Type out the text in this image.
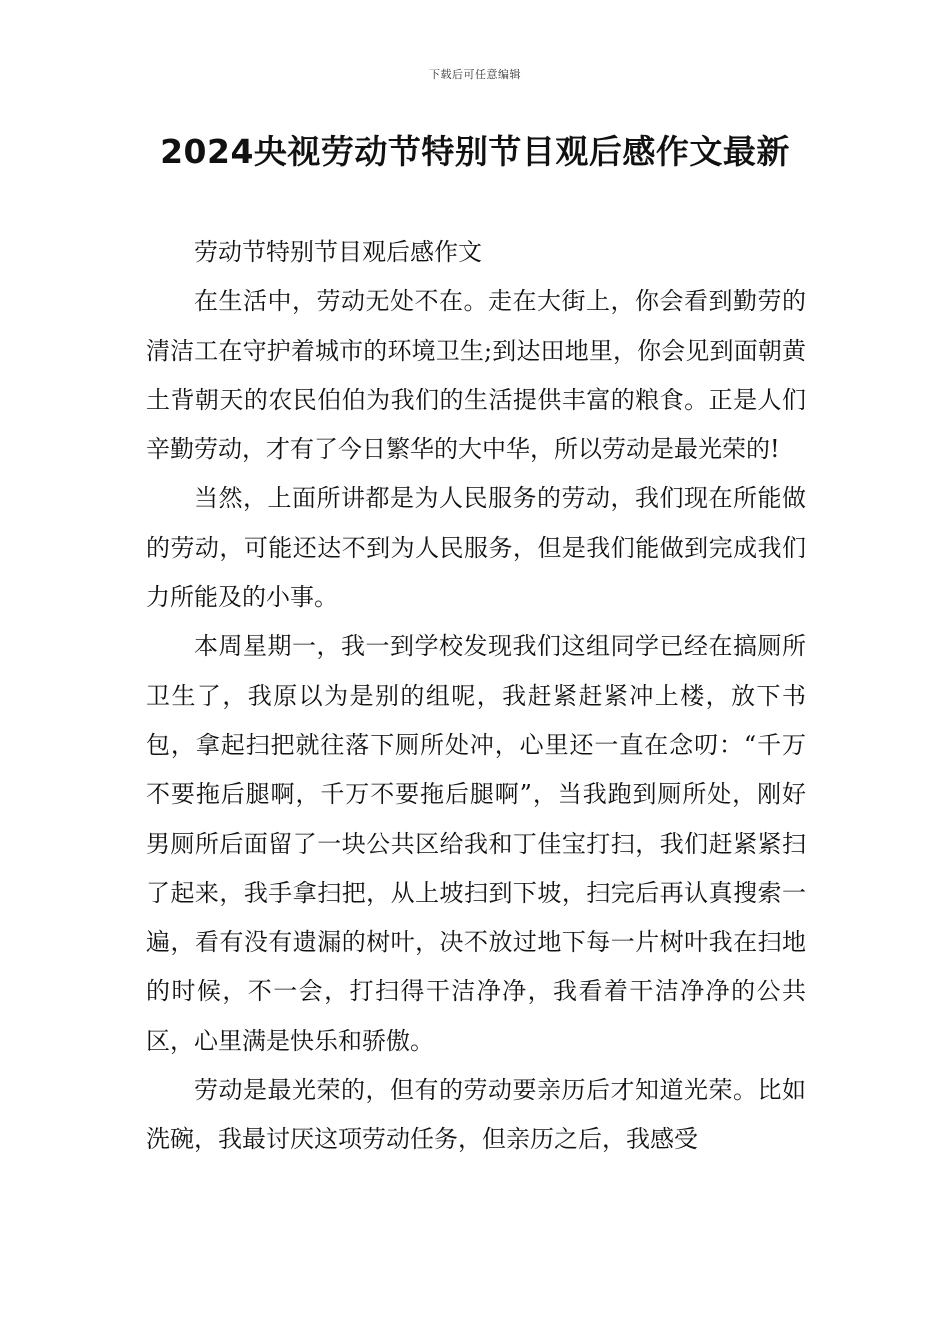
下载后可任意编辑
2024央视劳动节特别节目观后感作文最新

劳动节特别节目观后感作文

在生活中，劳动无处不在。走在大街上，你会看到勤劳的清洁工在守护着城市的环境卫生;到达田地里，你会见到面朝黄土背朝天的农民伯伯为我们的生活提供丰富的粮食。正是人们辛勤劳动，才有了今日繁华的大中华，所以劳动是最光荣的!

当然，上面所讲都是为人民服务的劳动，我们现在所能做的劳动，可能还达不到为人民服务，但是我们能做到完成我们力所能及的小事。

本周星期一，我一到学校发现我们这组同学已经在搞厕所卫生了，我原以为是别的组呢，我赶紧赶紧冲上楼，放下书包，拿起扫把就往落下厕所处冲，心里还一直在念叨：“千万不要拖后腿啊，千万不要拖后腿啊”，当我跑到厕所处，刚好男厕所后面留了一块公共区给我和丁佳宝打扫，我们赶紧紧扫了起来，我手拿扫把，从上坡扫到下坡，扫完后再认真搜索一遍，看有没有遗漏的树叶，决不放过地下每一片树叶我在扫地的时候，不一会，打扫得干洁净净，我看着干洁净净的公共区，心里满是快乐和骄傲。

劳动是最光荣的，但有的劳动要亲历后才知道光荣。比如洗碗，我最讨厌这项劳动任务，但亲历之后，我感受
